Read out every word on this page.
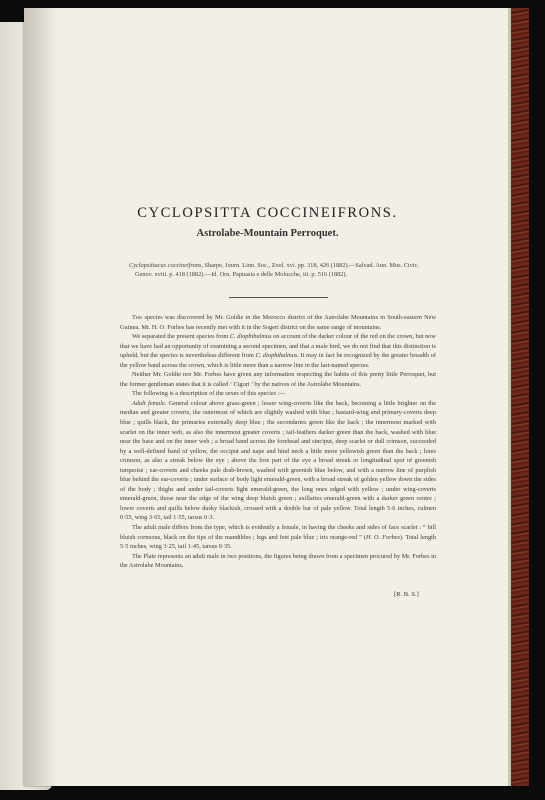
CYCLOPSITTA COCCINEIFRONS.
Astrolabe-Mountain Perroquet.
Cyclopsittacus coccineifrons, Sharpe, Journ. Linn. Soc., Zool. xvi. pp. 318, 426 (1882).—Salvad. Ann. Mus. Civic.
Genov. xviii. p. 418 (1882).—Id. Orn. Papuasia e delle Molucche, iii. p. 516 (1882).

This species was discovered by Mr. Goldie in the Morocco district of the Astrolabe Mountains in South-eastern New Guinea. Mr. H. O. Forbes has recently met with it in the Sogeri district on the same range of mountains.

We separated the present species from C. diophthalmus on account of the darker colour of the red on the crown, but now that we have had an opportunity of examining a second specimen, and that a male bird, we do not find that this distinction is upheld, but the species is nevertheless different from C. diophthalmus. It may in fact be recognized by the greater breadth of the yellow band across the crown, which is little more than a narrow line in the last-named species.

Neither Mr. Goldie nor Mr. Forbes have given any information respecting the habits of this pretty little Perroquet, but the former gentleman states that it is called ‘ Cigori ’ by the natives of the Astrolabe Mountains.

The following is a description of the sexes of this species :—

Adult female. General colour above grass-green ; lesser wing-coverts like the back, becoming a little brighter on the median and greater coverts, the outermost of which are slightly washed with blue ; bastard-wing and primary-coverts deep blue ; quills black, the primaries externally deep blue ; the secondaries green like the back ; the innermost marked with scarlet on the inner web, as also the innermost greater coverts ; tail-feathers darker green than the back, washed with blue near the base and on the inner web ; a broad band across the forehead and sinciput, deep scarlet or dull crimson, succeeded by a well-defined band of yellow, the occiput and nape and hind neck a little more yellowish green than the back ; lores crimson, as also a streak below the eye ; above the fore part of the eye a broad streak or longitudinal spot of greenish turquoise ; ear-coverts and cheeks pale drab-brown, washed with greenish blue below, and with a narrow line of purplish blue behind the ear-coverts ; under surface of body light emerald-green, with a broad streak of golden yellow down the sides of the body ; thighs and under tail-coverts light emerald-green, the long ones edged with yellow ; under wing-coverts emerald-green, those near the edge of the wing deep bluish green ; axillaries emerald-green with a darker green centre ; lower coverts and quills below dusky blackish, crossed with a double bar of pale yellow. Total length 5·6 inches, culmen 0·55, wing 3·65, tail 1·55, tarsus 0·3.

The adult male differs from the type, which is evidently a female, in having the cheeks and sides of face scarlet : “ bill bluish corneous, black on the tips of the mandibles ; legs and feet pale blue ; iris orange-red ” (H. O. Forbes). Total length 5·5 inches, wing 3·25, tail 1·45, tarsus 0·35.

The Plate represents an adult male in two positions, the figures being drawn from a specimen procured by Mr. Forbes in the Astrolabe Mountains.

[R. B. S.]
